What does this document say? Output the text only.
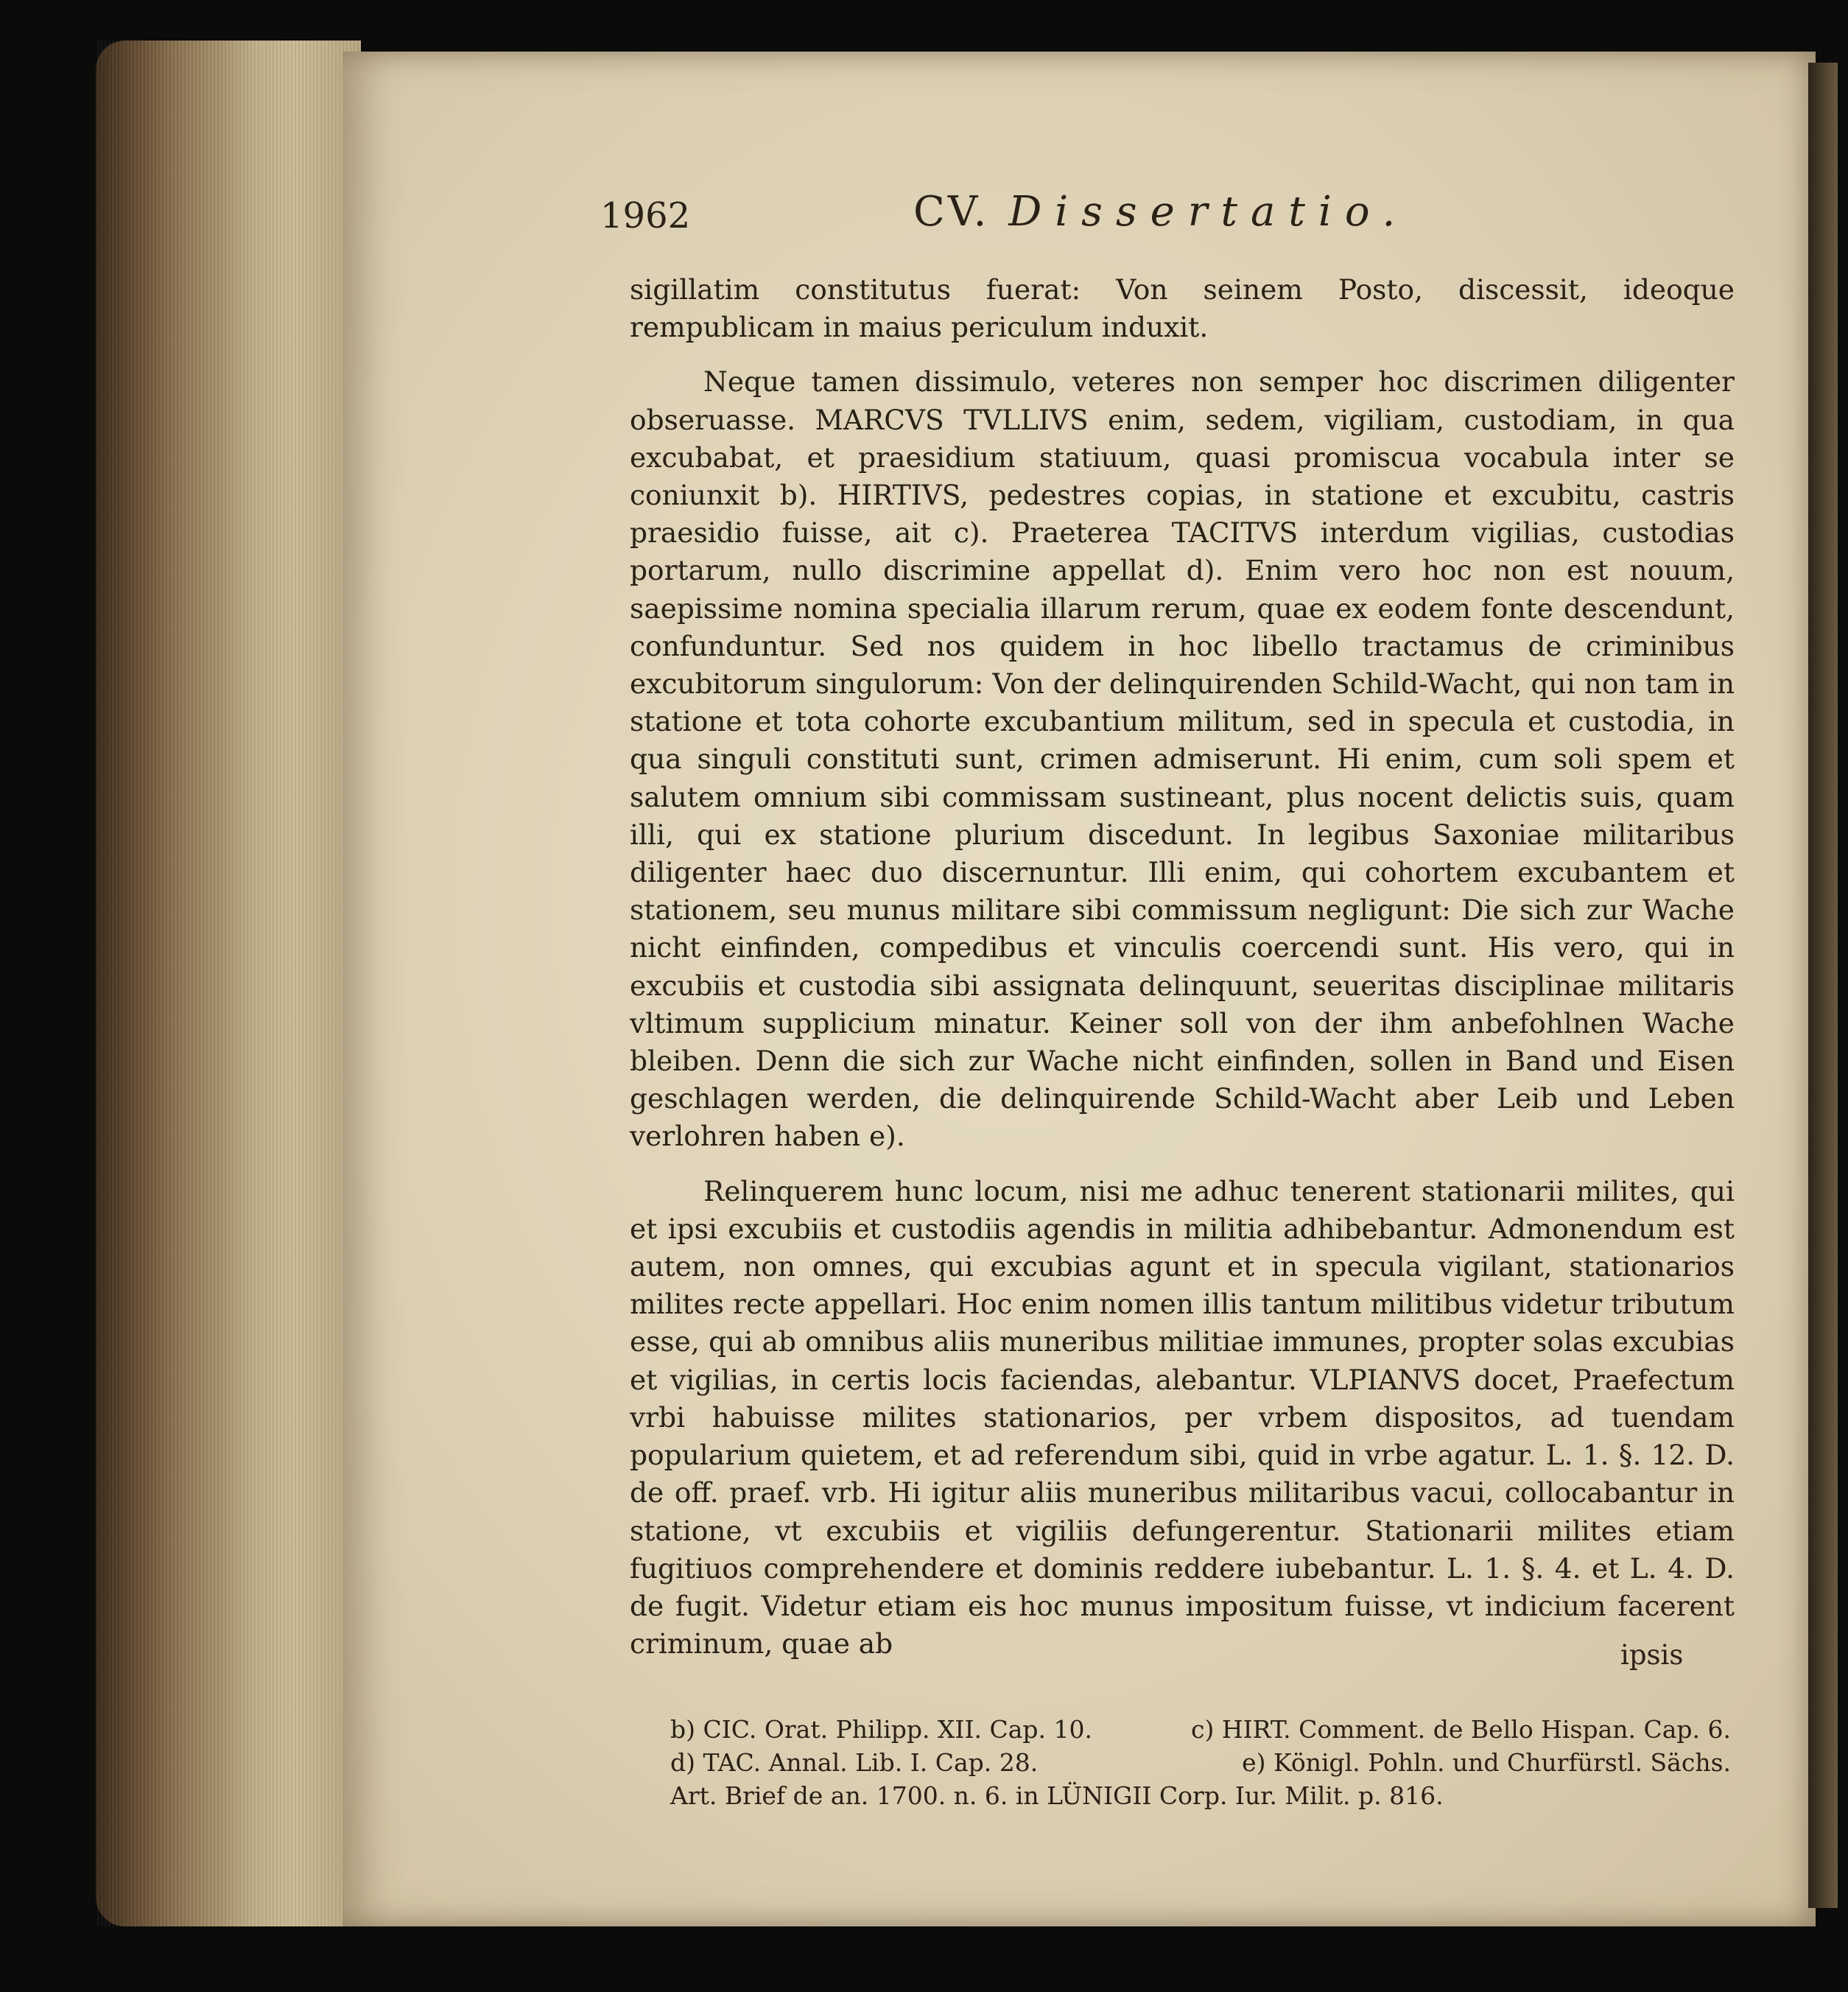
1962	CV. Dissertatio.

sigillatim constitutus fuerat: Von seinem Posto, discessit, ideoque rempublicam in maius periculum induxit.

Neque tamen dissimulo, veteres non semper hoc discrimen diligenter obseruasse. MARCVS TVLLIVS enim, sedem, vigiliam, custodiam, in qua excubabat, et praesidium statiuum, quasi promiscua vocabula inter se coniunxit b). HIRTIVS, pedestres copias, in statione et excubitu, castris praesidio fuisse, ait c). Praeterea TACITVS interdum vigilias, custodias portarum, nullo discrimine appellat d). Enim vero hoc non est nouum, saepissime nomina specialia illarum rerum, quae ex eodem fonte descendunt, confunduntur. Sed nos quidem in hoc libello tractamus de criminibus excubitorum singulorum: Von der delinquirenden Schild-Wacht, qui non tam in statione et tota cohorte excubantium militum, sed in specula et custodia, in qua singuli constituti sunt, crimen admiserunt. Hi enim, cum soli spem et salutem omnium sibi commissam sustineant, plus nocent delictis suis, quam illi, qui ex statione plurium discedunt. In legibus Saxoniae militaribus diligenter haec duo discernuntur. Illi enim, qui cohortem excubantem et stationem, seu munus militare sibi commissum negligunt: Die sich zur Wache nicht einfinden, compedibus et vinculis coercendi sunt. His vero, qui in excubiis et custodia sibi assignata delinquunt, seueritas disciplinae militaris vltimum supplicium minatur. Keiner soll von der ihm anbefohlnen Wache bleiben. Denn die sich zur Wache nicht einfinden, sollen in Band und Eisen geschlagen werden, die delinquirende Schild-Wacht aber Leib und Leben verlohren haben e).

Relinquerem hunc locum, nisi me adhuc tenerent stationarii milites, qui et ipsi excubiis et custodiis agendis in militia adhibebantur. Admonendum est autem, non omnes, qui excubias agunt et in specula vigilant, stationarios milites recte appellari. Hoc enim nomen illis tantum militibus videtur tributum esse, qui ab omnibus aliis muneribus militiae immunes, propter solas excubias et vigilias, in certis locis faciendas, alebantur. VLPIANVS docet, Praefectum vrbi habuisse milites stationarios, per vrbem dispositos, ad tuendam popularium quietem, et ad referendum sibi, quid in vrbe agatur. L. 1. §. 12. D. de off. praef. vrb. Hi igitur aliis muneribus militaribus vacui, collocabantur in statione, vt excubiis et vigiliis defungerentur. Stationarii milites etiam fugitiuos comprehendere et dominis reddere iubebantur. L. 1. §. 4. et L. 4. D. de fugit. Videtur etiam eis hoc munus impositum fuisse, vt indicium facerent criminum, quae ab	ipsis
b) CIC. Orat. Philipp. XII. Cap. 10.	c) HIRT. Comment. de Bello Hispan. Cap. 6.
d) TAC. Annal. Lib. I. Cap. 28.	e) Königl. Pohln. und Churfürstl. Sächs.
Art. Brief de an. 1700. n. 6. in LÜNIGII Corp. Iur. Milit. p. 816.
